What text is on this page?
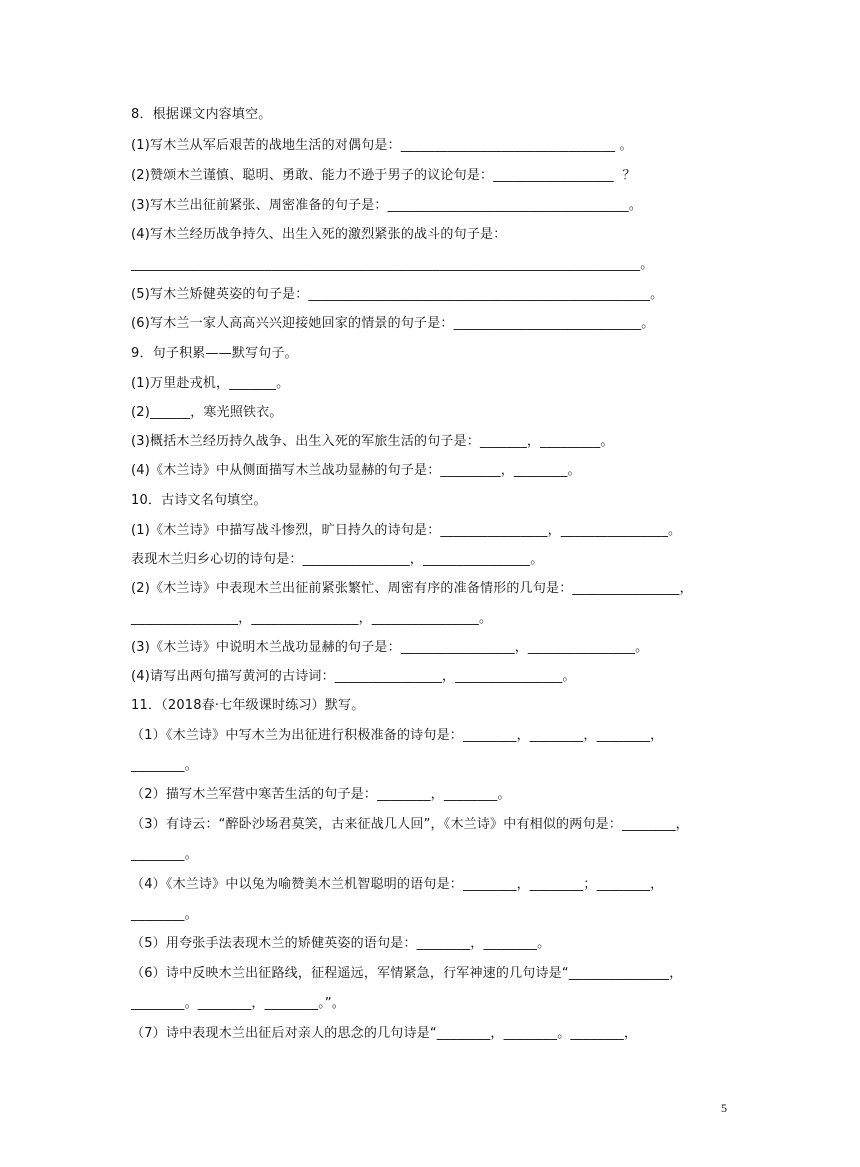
8．根据课文内容填空。
(1)写木兰从军后艰苦的战地生活的对偶句是：________________________________ 。
(2)赞颂木兰谨慎、聪明、勇敢、能力不逊于男子的议论句是：__________________  ？
(3)写木兰出征前紧张、周密准备的句子是：____________________________________。
(4)写木兰经历战争持久、出生入死的激烈紧张的战斗的句子是：
____________________________________________________________________________。
(5)写木兰矫健英姿的句子是：___________________________________________________。
(6)写木兰一家人高高兴兴迎接她回家的情景的句子是：____________________________。
9．句子积累——默写句子。
(1)万里赴戎机，_______。
(2)______，寒光照铁衣。
(3)概括木兰经历持久战争、出生入死的军旅生活的句子是：_______，_________。
(4)《木兰诗》中从侧面描写木兰战功显赫的句子是：_________，________。
10．古诗文名句填空。
(1)《木兰诗》中描写战斗惨烈，旷日持久的诗句是：________________，________________。
表现木兰归乡心切的诗句是：________________，________________。
(2)《木兰诗》中表现木兰出征前紧张繁忙、周密有序的准备情形的几句是：________________，
________________，________________，________________。
(3)《木兰诗》中说明木兰战功显赫的句子是：_________________，________________。
(4)请写出两句描写黄河的古诗词：________________，________________。
11．（2018春·七年级课时练习）默写。
（1）《木兰诗》中写木兰为出征进行积极准备的诗句是：________，________，________，
________。
（2）描写木兰军营中寒苦生活的句子是：________，________。
（3）有诗云：“醉卧沙场君莫笑，古来征战几人回”，《木兰诗》中有相似的两句是：________，
________。
（4）《木兰诗》中以兔为喻赞美木兰机智聪明的语句是：________，________；________，
________。
（5）用夸张手法表现木兰的矫健英姿的语句是：________，________。
（6）诗中反映木兰出征路线，征程遥远，军情紧急，行军神速的几句诗是“_______________，
________。________，________。”。
（7）诗中表现木兰出征后对亲人的思念的几句诗是“________，________。________，
5
